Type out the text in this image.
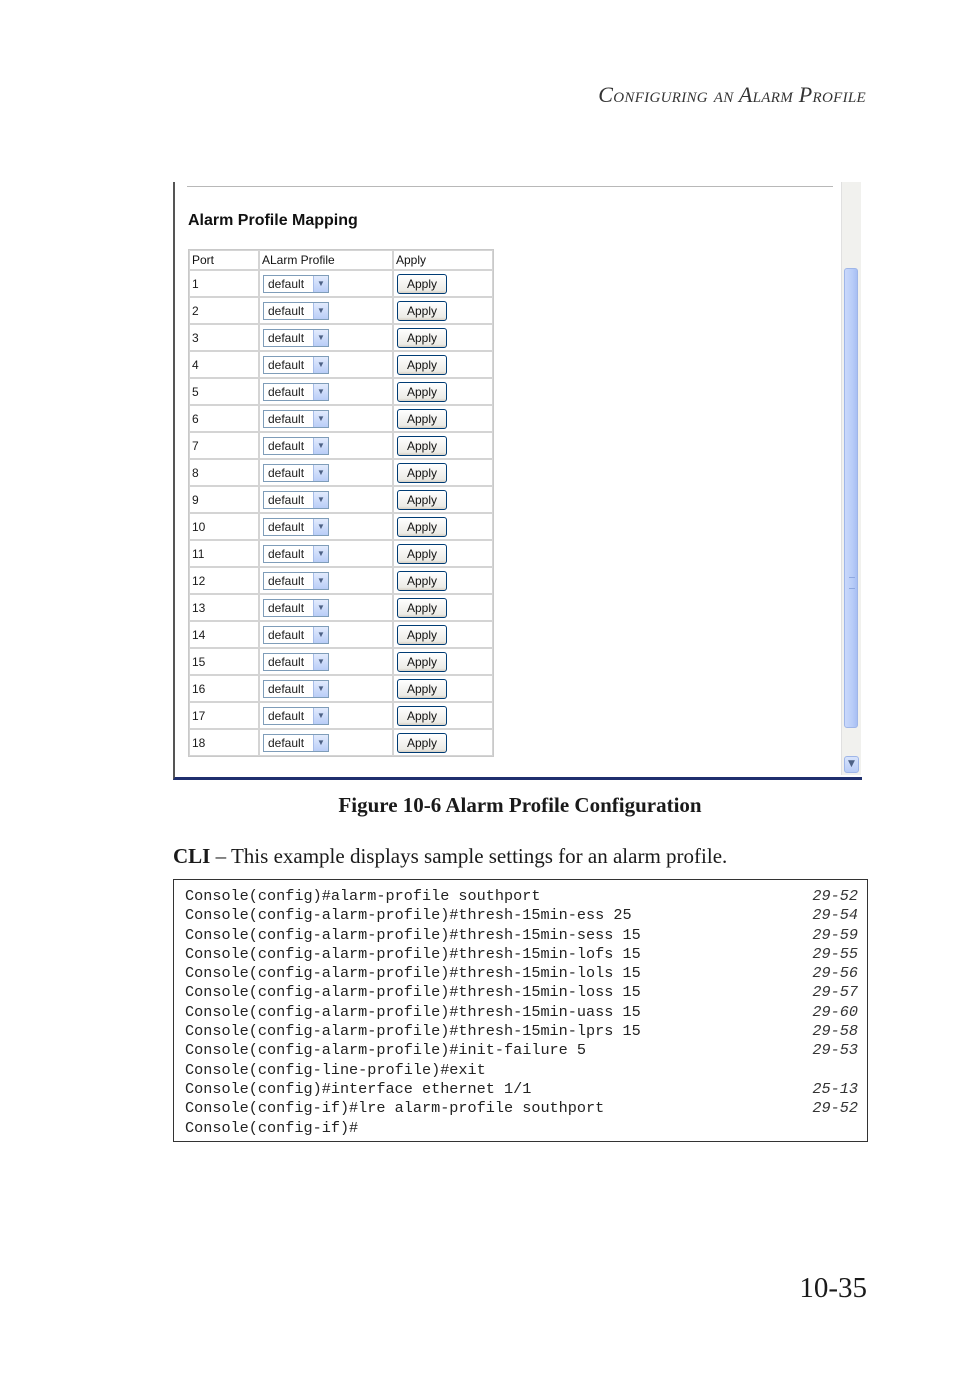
Configuring an Alarm Profile
Alarm Profile Mapping
Port	ALarm Profile	Apply
1	default ▼	Apply
2	default ▼	Apply
3	default ▼	Apply
4	default ▼	Apply
5	default ▼	Apply
6	default ▼	Apply
7	default ▼	Apply
8	default ▼	Apply
9	default ▼	Apply
10	default ▼	Apply
11	default ▼	Apply
12	default ▼	Apply
13	default ▼	Apply
14	default ▼	Apply
15	default ▼	Apply
16	default ▼	Apply
17	default ▼	Apply
18	default ▼	Apply
▼
Figure 10-6 Alarm Profile Configuration
CLI – This example displays sample settings for an alarm profile.
Console(config)#alarm-profile southport	29-52
Console(config-alarm-profile)#thresh-15min-ess 25	29-54
Console(config-alarm-profile)#thresh-15min-sess 15	29-59
Console(config-alarm-profile)#thresh-15min-lofs 15	29-55
Console(config-alarm-profile)#thresh-15min-lols 15	29-56
Console(config-alarm-profile)#thresh-15min-loss 15	29-57
Console(config-alarm-profile)#thresh-15min-uass 15	29-60
Console(config-alarm-profile)#thresh-15min-lprs 15	29-58
Console(config-alarm-profile)#init-failure 5	29-53
Console(config-line-profile)#exit
Console(config)#interface ethernet 1/1	25-13
Console(config-if)#lre alarm-profile southport	29-52
Console(config-if)#
10-35
